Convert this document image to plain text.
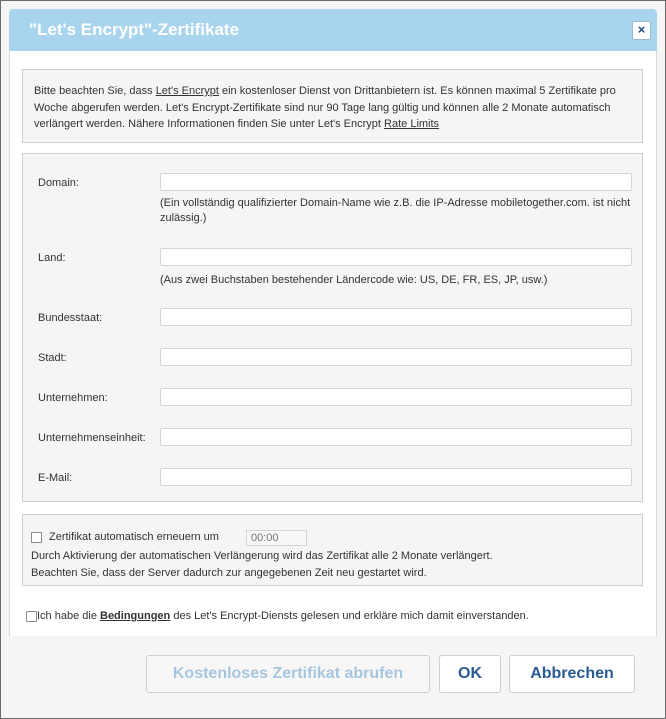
"Let's Encrypt"-Zertifikate	×
Bitte beachten Sie, dass Let's Encrypt ein kostenloser Dienst von Drittanbietern ist. Es können maximal 5 Zertifikate pro Woche abgerufen werden. Let's Encrypt-Zertifikate sind nur 90 Tage lang gültig und können alle 2 Monate automatisch verlängert werden. Nähere Informationen finden Sie unter Let's Encrypt Rate Limits
Domain:
(Ein vollständig qualifizierter Domain-Name wie z.B. die IP-Adresse mobiletogether.com. ist nicht zulässig.)
Land:
(Aus zwei Buchstaben bestehender Ländercode wie: US, DE, FR, ES, JP, usw.)
Bundesstaat:
Stadt:
Unternehmen:
Unternehmenseinheit:
E-Mail:
Zertifikat automatisch erneuern um
00:00
Durch Aktivierung der automatischen Verlängerung wird das Zertifikat alle 2 Monate verlängert.
Beachten Sie, dass der Server dadurch zur angegebenen Zeit neu gestartet wird.
Ich habe die Bedingungen des Let's Encrypt-Diensts gelesen und erkläre mich damit einverstanden.
Kostenloses Zertifikat abrufen	OK	Abbrechen
